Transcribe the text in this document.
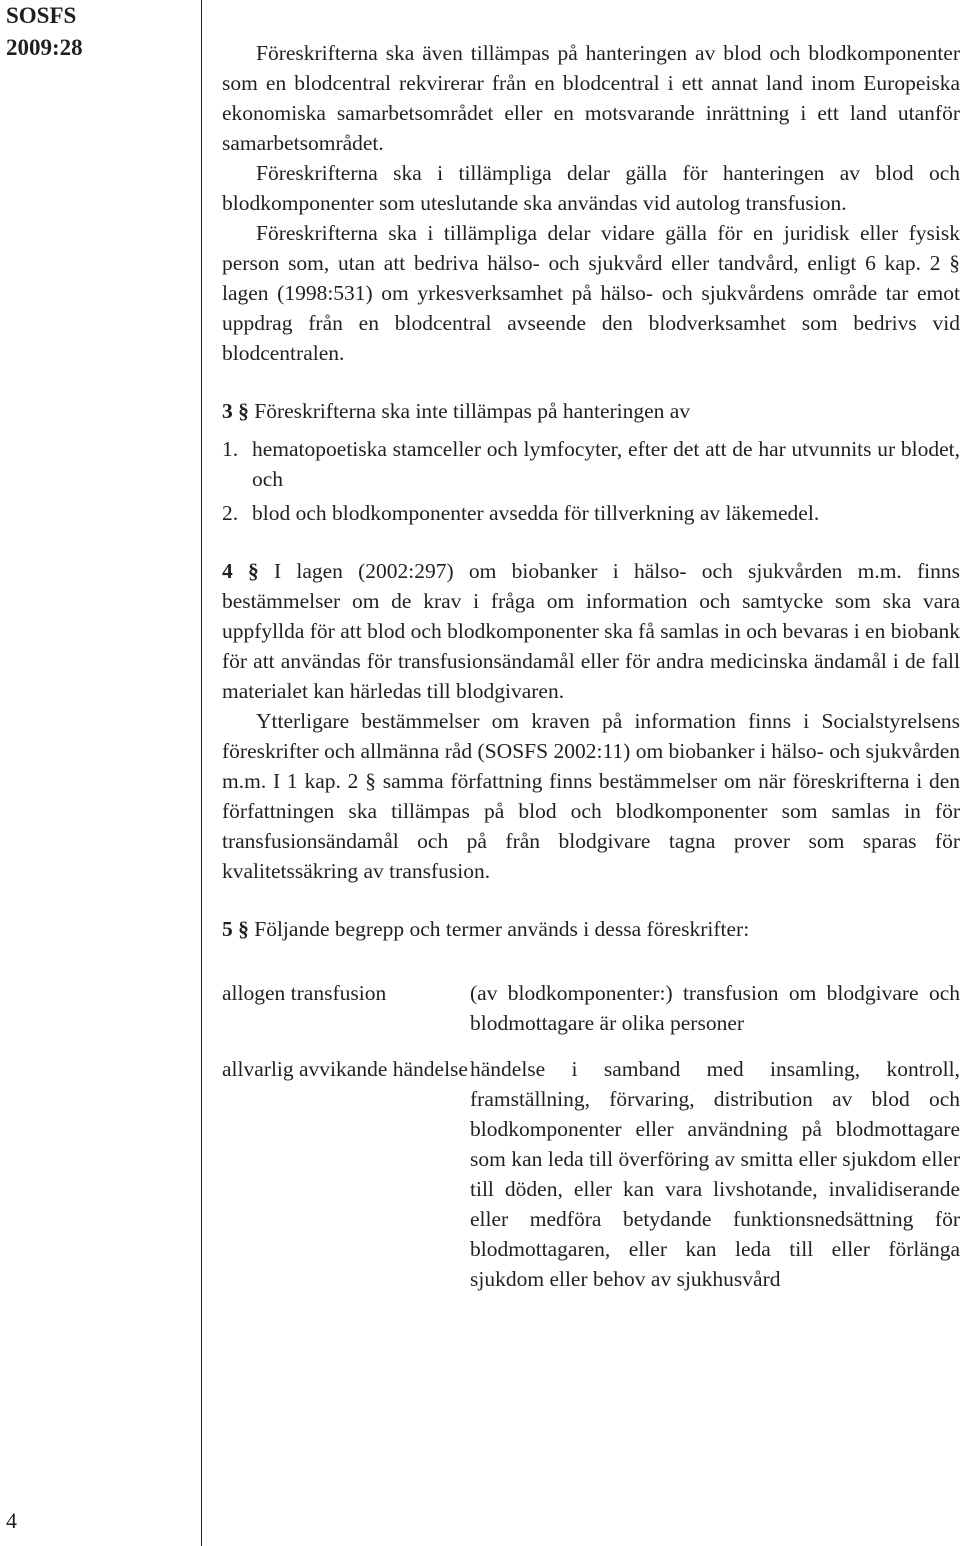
SOSFS
2009:28
4

Föreskrifterna ska även tillämpas på hanteringen av blod och blodkomponenter som en blodcentral rekvirerar från en blodcentral i ett annat land inom Europeiska ekonomiska samarbetsområdet eller en motsvarande inrättning i ett land utanför samarbetsområdet.

Föreskrifterna ska i tillämpliga delar gälla för hanteringen av blod och blodkomponenter som uteslutande ska användas vid autolog transfusion.

Föreskrifterna ska i tillämpliga delar vidare gälla för en juridisk eller fysisk person som, utan att bedriva hälso- och sjukvård eller tandvård, enligt 6 kap. 2 § lagen (1998:531) om yrkesverksamhet på hälso- och sjukvårdens område tar emot uppdrag från en blodcentral avseende den blodverksamhet som bedrivs vid blodcentralen.

3 § Föreskrifterna ska inte tillämpas på hanteringen av

1. hematopoetiska stamceller och lymfocyter, efter det att de har utvunnits ur blodet, och
2. blod och blodkomponenter avsedda för tillverkning av läkemedel.

4 § I lagen (2002:297) om biobanker i hälso- och sjukvården m.m. finns bestämmelser om de krav i fråga om information och samtycke som ska vara uppfyllda för att blod och blodkomponenter ska få samlas in och bevaras i en biobank för att användas för transfusionsändamål eller för andra medicinska ändamål i de fall materialet kan härledas till blodgivaren.

Ytterligare bestämmelser om kraven på information finns i Socialstyrelsens föreskrifter och allmänna råd (SOSFS 2002:11) om biobanker i hälso- och sjukvården m.m. I 1 kap. 2 § samma författning finns bestämmelser om när föreskrifterna i den författningen ska tillämpas på blod och blodkomponenter som samlas in för transfusionsändamål och på från blodgivare tagna prover som sparas för kvalitetssäkring av transfusion.

5 § Följande begrepp och termer används i dessa föreskrifter:

allogen transfusion	(av blodkomponenter:) transfusion om blodgivare och blodmottagare är olika personer
allvarlig avvikande händelse händelse i samband med insamling, kontroll, framställning, förvaring, distribution av blod och blodkomponenter eller användning på blodmottagare som kan leda till överföring av smitta eller sjukdom eller till döden, eller kan vara livshotande, invalidiserande eller medföra betydande funktionsnedsättning för blodmottagaren, eller kan leda till eller förlänga sjukdom eller behov av sjukhusvård
